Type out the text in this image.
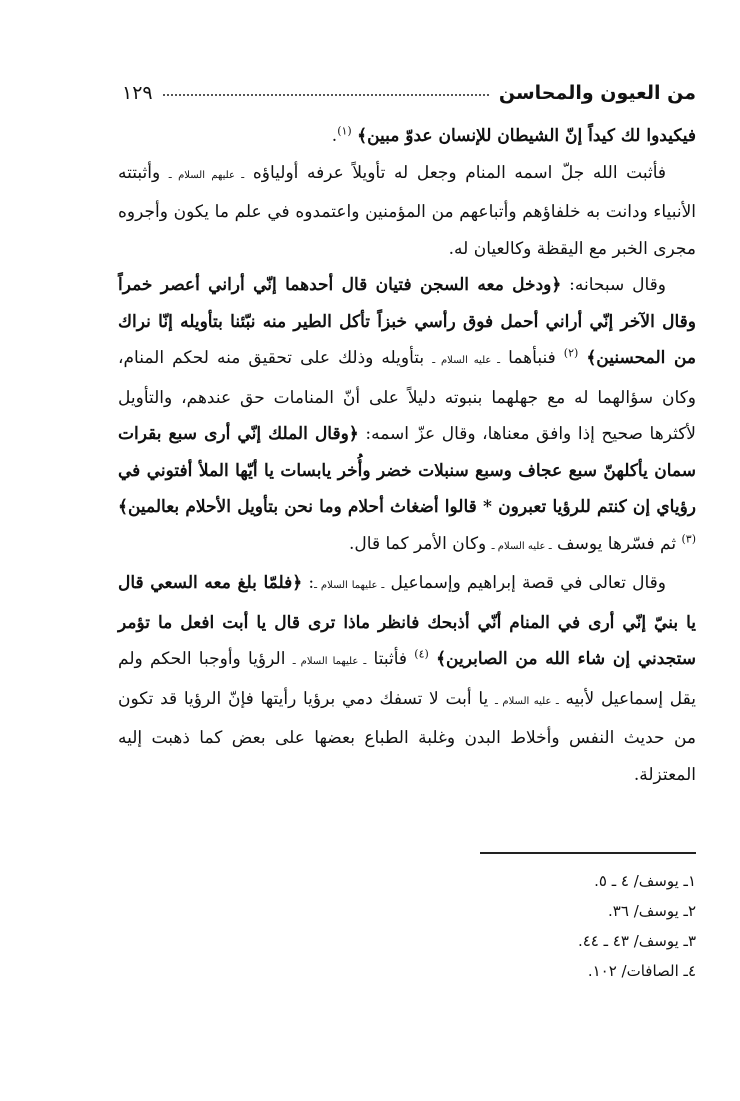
من العيون والمحاسن
١٢٩

فيكيدوا لك كيداً إنّ الشيطان للإنسان عدوّ مبين﴾ $^{(١)}$.

فأثبت الله جلّ اسمه المنام وجعل له تأويلاً عرفه أولياؤه ـ عليهم السلام ـ وأثبتته الأنبياء ودانت به خلفاؤهم وأتباعهم من المؤمنين واعتمدوه في علم ما يكون وأجروه مجرى الخبر مع اليقظة وكالعيان له.

وقال سبحانه: ﴿ودخل معه السجن فتيان قال أحدهما إنّي أراني أعصر خمراً وقال الآخر إنّي أراني أحمل فوق رأسي خبزاً تأكل الطير منه نبّئنا بتأويله إنّا نراك من المحسنين﴾ $^{(٢)}$ فنبأهما ـ عليه السلام ـ بتأويله وذلك على تحقيق منه لحكم المنام، وكان سؤالهما له مع جهلهما بنبوته دليلاً على أنّ المنامات حق عندهم، والتأويل لأكثرها صحيح إذا وافق معناها، وقال عزّ اسمه: ﴿وقال الملك إنّي أرى سبع بقرات سمان يأكلهنّ سبع عجاف وسبع سنبلات خضر وأُخر يابسات يا أيّها الملأ أفتوني في رؤياي إن كنتم للرؤيا تعبرون * قالوا أضغاث أحلام وما نحن بتأويل الأحلام بعالمين﴾ $^{(٣)}$ ثم فسّرها يوسف ـ عليه السلام ـ وكان الأمر كما قال.

وقال تعالى في قصة إبراهيم وإسماعيل ـ عليهما السلام ـ: ﴿فلمّا بلغ معه السعي قال يا بنيّ إنّي أرى في المنام أنّي أذبحك فانظر ماذا ترى قال يا أبت افعل ما تؤمر ستجدني إن شاء الله من الصابرين﴾ $^{(٤)}$ فأثبتا ـ عليهما السلام ـ الرؤيا وأوجبا الحكم ولم يقل إسماعيل لأبيه ـ عليه السلام ـ يا أبت لا تسفك دمي برؤيا رأيتها فإنّ الرؤيا قد تكون من حديث النفس وأخلاط البدن وغلبة الطباع بعضها على بعض كما ذهبت إليه المعتزلة.

١ـ يوسف/ ٤ ـ ٥.
٢ـ يوسف/ ٣٦.
٣ـ يوسف/ ٤٣ ـ ٤٤.
٤ـ الصافات/ ١٠٢.
